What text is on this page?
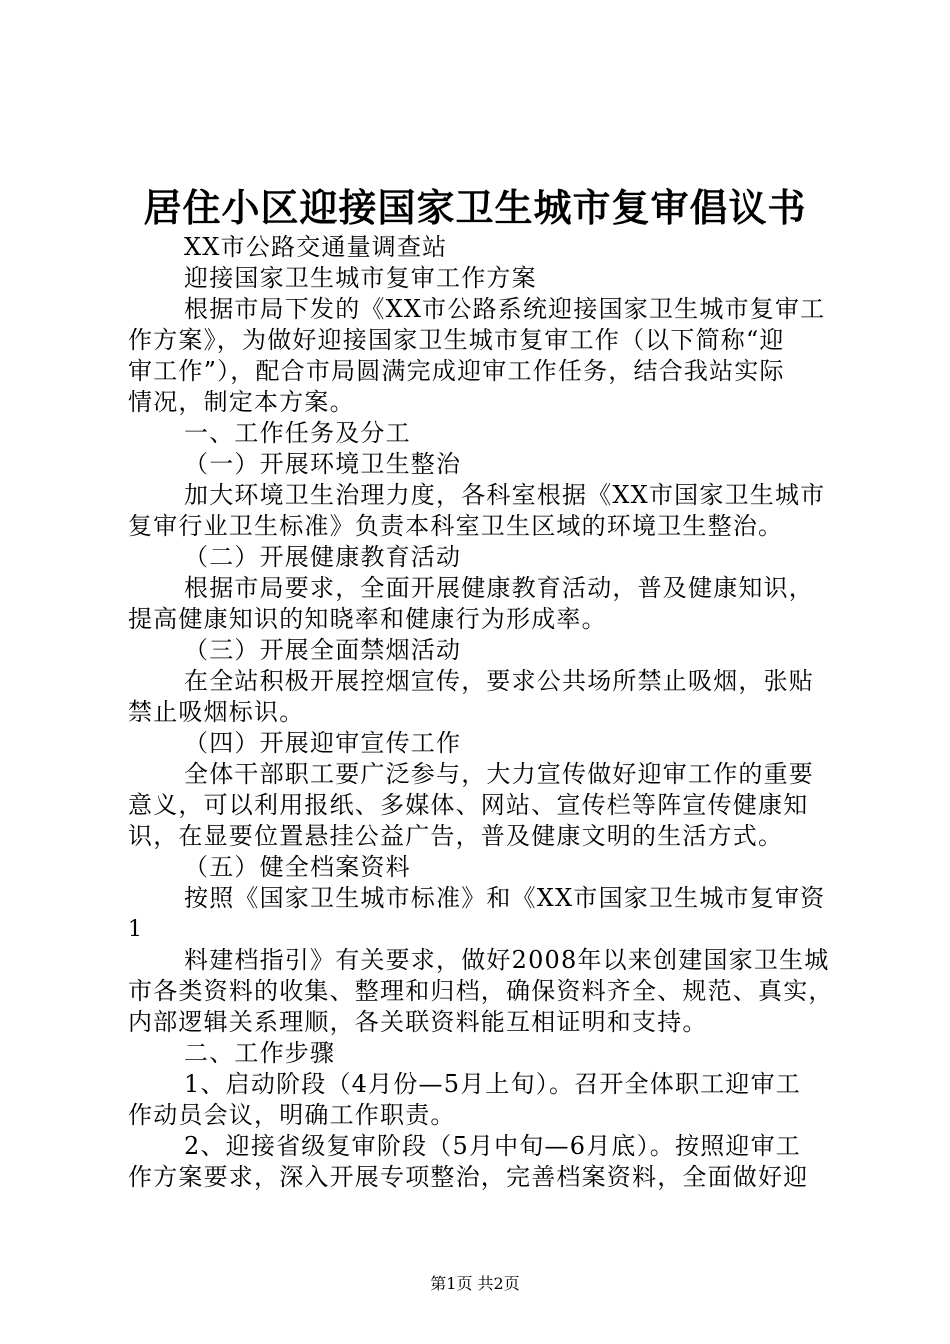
居住小区迎接国家卫生城市复审倡议书
XX市公路交通量调查站
迎接国家卫生城市复审工作方案
根据市局下发的《XX市公路系统迎接国家卫生城市复审工
作方案》，为做好迎接国家卫生城市复审工作（以下简称“迎
审工作”），配合市局圆满完成迎审工作任务，结合我站实际
情况，制定本方案。
一、工作任务及分工
（一）开展环境卫生整治
加大环境卫生治理力度，各科室根据《XX市国家卫生城市
复审行业卫生标准》负责本科室卫生区域的环境卫生整治。
（二）开展健康教育活动
根据市局要求，全面开展健康教育活动，普及健康知识，
提高健康知识的知晓率和健康行为形成率。
（三）开展全面禁烟活动
在全站积极开展控烟宣传，要求公共场所禁止吸烟，张贴
禁止吸烟标识。
（四）开展迎审宣传工作
全体干部职工要广泛参与，大力宣传做好迎审工作的重要
意义，可以利用报纸、多媒体、网站、宣传栏等阵宣传健康知
识，在显要位置悬挂公益广告，普及健康文明的生活方式。
（五）健全档案资料
按照《国家卫生城市标准》和《XX市国家卫生城市复审资
1
料建档指引》有关要求，做好2008年以来创建国家卫生城
市各类资料的收集、整理和归档，确保资料齐全、规范、真实，
内部逻辑关系理顺，各关联资料能互相证明和支持。
二、工作步骤
1、启动阶段（4月份—5月上旬）。召开全体职工迎审工
作动员会议，明确工作职责。
2、迎接省级复审阶段（5月中旬—6月底）。按照迎审工
作方案要求，深入开展专项整治，完善档案资料，全面做好迎
第1页 共2页
